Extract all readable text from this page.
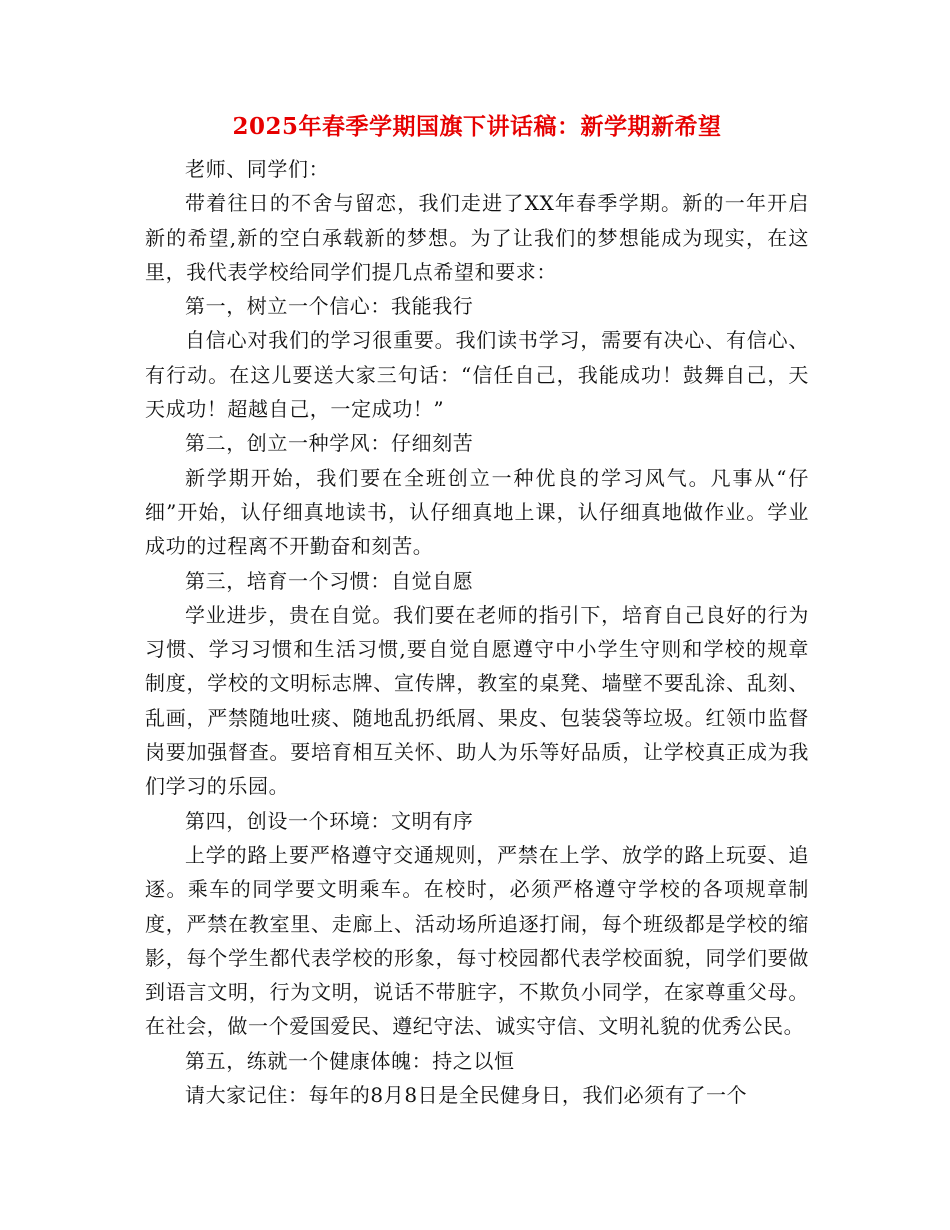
2025年春季学期国旗下讲话稿：新学期新希望

老师、同学们：

带着往日的不舍与留恋，我们走进了XX年春季学期。新的一年开启新的希望,新的空白承载新的梦想。为了让我们的梦想能成为现实，在这里，我代表学校给同学们提几点希望和要求：

第一，树立一个信心：我能我行

自信心对我们的学习很重要。我们读书学习，需要有决心、有信心、有行动。在这儿要送大家三句话：“信任自己，我能成功！鼓舞自己，天天成功！超越自己，一定成功！”

第二，创立一种学风：仔细刻苦

新学期开始，我们要在全班创立一种优良的学习风气。凡事从“仔细”开始，认仔细真地读书，认仔细真地上课，认仔细真地做作业。学业成功的过程离不开勤奋和刻苦。

第三，培育一个习惯：自觉自愿

学业进步，贵在自觉。我们要在老师的指引下，培育自己良好的行为习惯、学习习惯和生活习惯,要自觉自愿遵守中小学生守则和学校的规章制度，学校的文明标志牌、宣传牌，教室的桌凳、墙壁不要乱涂、乱刻、乱画，严禁随地吐痰、随地乱扔纸屑、果皮、包装袋等垃圾。红领巾监督岗要加强督查。要培育相互关怀、助人为乐等好品质，让学校真正成为我们学习的乐园。

第四，创设一个环境：文明有序

上学的路上要严格遵守交通规则，严禁在上学、放学的路上玩耍、追逐。乘车的同学要文明乘车。在校时，必须严格遵守学校的各项规章制度，严禁在教室里、走廊上、活动场所追逐打闹，每个班级都是学校的缩影，每个学生都代表学校的形象，每寸校园都代表学校面貌，同学们要做到语言文明，行为文明，说话不带脏字，不欺负小同学，在家尊重父母。在社会，做一个爱国爱民、遵纪守法、诚实守信、文明礼貌的优秀公民。

第五，练就一个健康体魄：持之以恒

请大家记住：每年的8月8日是全民健身日，我们必须有了一个
